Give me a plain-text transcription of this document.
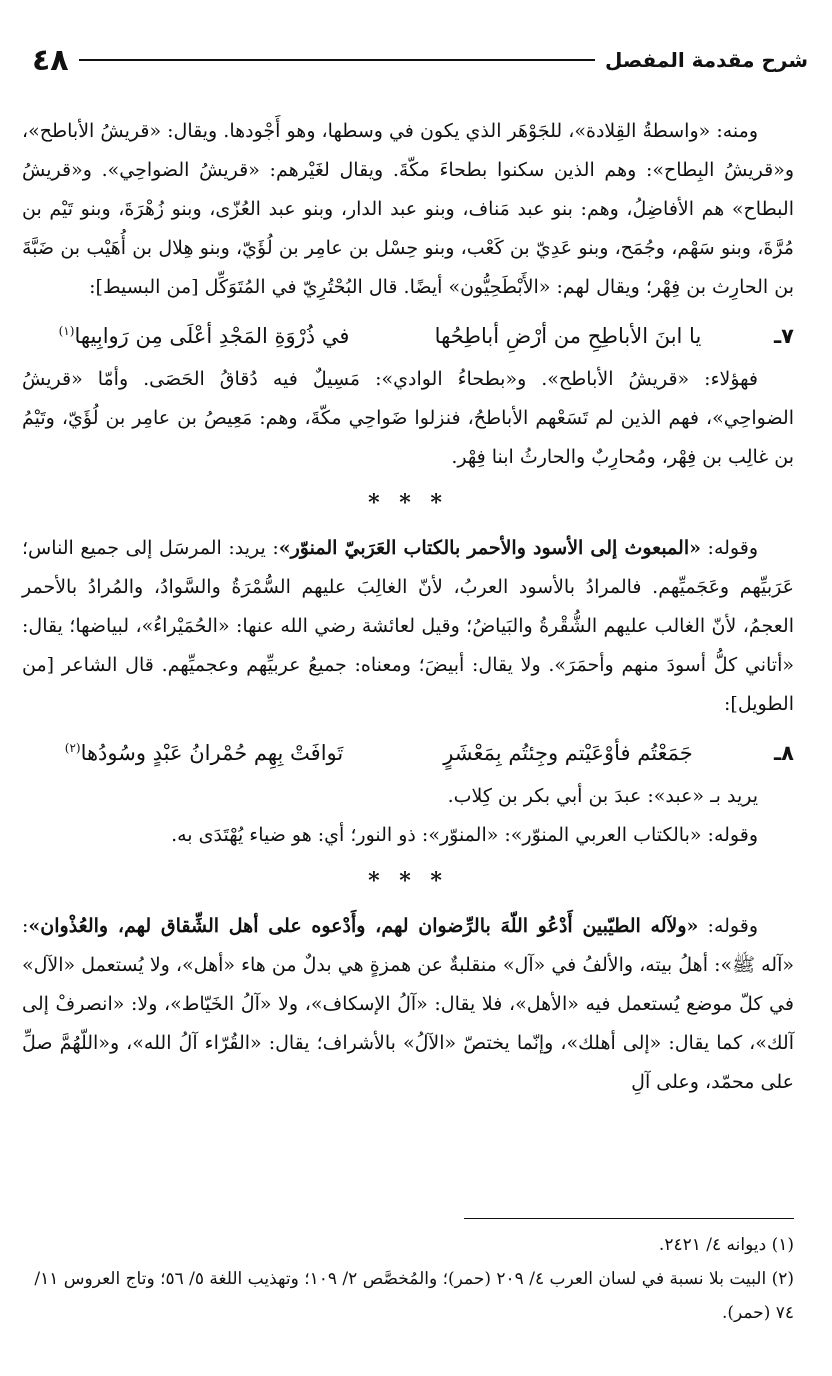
شرح مقدمة المفصل
٤٨

ومنه: «واسطةُ القِلادة»، للجَوْهَر الذي يكون في وسطها، وهو أَجْودها. ويقال: «قريشُ الأباطح»، و«قريشُ البِطاح»: وهم الذين سكنوا بطحاءَ مكّةَ. ويقال لغَيْرهم: «قريشُ الضواحِي». و«قريشُ البطاح» هم الأفاضِلُ، وهم: بنو عبد مَناف، وبنو عبد الدار، وبنو عبد العُزّى، وبنو زُهْرَةَ، وبنو تَيْم بن مُرَّةَ، وبنو سَهْم، وجُمَح، وبنو عَدِيّ بن كَعْب، وبنو حِسْل بن عامِر بن لُؤَيّ، وبنو هِلال بن أُهَيْب بن ضَبَّةَ بن الحارِث بن فِهْر؛ ويقال لهم: «الأَبْطَحِيُّون» أيضًا. قال البُحْتُرِيّ في المُتَوَكِّل [من البسيط]:

٧ـ
يا ابنَ الأباطِحِ من أرْضِ أباطِحُها
في ذُرْوَةِ المَجْدِ أعْلَى مِن رَوابِيها$^{(١)}$

فهؤلاء: «قريشُ الأباطح». و«بطحاءُ الوادي»: مَسِيلٌ فيه دُقاقُ الحَصَى. وأمّا «قريشُ الضواحِي»، فهم الذين لم تَسَعْهم الأباطحُ، فنزلوا ضَواحِي مكّةَ، وهم: مَعِيصُ بن عامِر بن لُؤَيّ، وتَيْمُ بن غالِب بن فِهْر، ومُحارِبٌ والحارثُ ابنا فِهْر.

* * *

وقوله: «المبعوث إلى الأسود والأحمر بالكتاب العَرَبيّ المنوّر»: يريد: المرسَل إلى جميع الناس؛ عَرَبيِّهم وعَجَميِّهم. فالمرادُ بالأسود العربُ، لأنّ الغالِبَ عليهم السُّمْرَةُ والسَّوادُ، والمُرادُ بالأحمر العجمُ، لأنّ الغالب عليهم الشُّقْرةُ والبَياضُ؛ وقيل لعائشة رضي الله عنها: «الحُمَيْراءُ»، لبياضها؛ يقال: «أتاني كلُّ أسودَ منهم وأحمَرَ». ولا يقال: أبيضَ؛ ومعناه: جميعُ عربيِّهم وعجميِّهم. قال الشاعر [من الطويل]:

٨ـ
جَمَعْتُم فأوْعَيْتم وجِئتُم بِمَعْشَرٍ
تَوافَتْ بِهِم حُمْرانُ عَبْدٍ وسُودُها$^{(٢)}$

يريد بـ «عبد»: عبدَ بن أبي بكر بن كِلاب.

وقوله: «بالكتاب العربي المنوّر»: «المنوّر»: ذو النور؛ أي: هو ضياء يُهْتَدَى به.

* * *

وقوله: «ولآله الطيّبين أَدْعُو اللّهَ بالرِّضوان لهم، وأَدْعوه على أهل الشِّقاق لهم، والعُذْوان»: «آله ﷺ»: أهلُ بيته، والألفُ في «آل» منقلبةٌ عن همزةٍ هي بدلٌ من هاء «أهل»، ولا يُستعمل «الآل» في كلّ موضع يُستعمل فيه «الأهل»، فلا يقال: «آلُ الإسكاف»، ولا «آلُ الخَيّاط»، ولا: «انصرفْ إلى آلك»، كما يقال: «إلى أهلك»، وإنّما يختصّ «الآلُ» بالأشراف؛ يقال: «القُرّاء آلُ الله»، و«اللّهُمَّ صلِّ على محمّد، وعلى آلِ

(١) ديوانه ٤/ ٢٤٢١.

(٢) البيت بلا نسبة في لسان العرب ٤/ ٢٠٩ (حمر)؛ والمُخصَّص ٢/ ١٠٩؛ وتهذيب اللغة ٥/ ٥٦؛ وتاج العروس ١١/ ٧٤ (حمر).
